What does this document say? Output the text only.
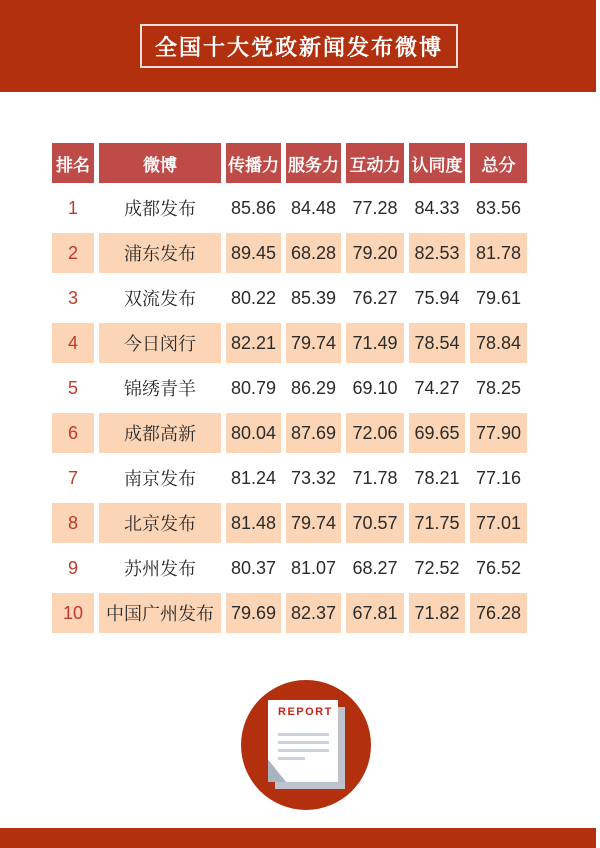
全国十大党政新闻发布微博
排名	微博	传播力	服务力	互动力	认同度	总分
1	成都发布	85.86	84.48	77.28	84.33	83.56
2	浦东发布	89.45	68.28	79.20	82.53	81.78
3	双流发布	80.22	85.39	76.27	75.94	79.61
4	今日闵行	82.21	79.74	71.49	78.54	78.84
5	锦绣青羊	80.79	86.29	69.10	74.27	78.25
6	成都高新	80.04	87.69	72.06	69.65	77.90
7	南京发布	81.24	73.32	71.78	78.21	77.16
8	北京发布	81.48	79.74	70.57	71.75	77.01
9	苏州发布	80.37	81.07	68.27	72.52	76.52
10	中国广州发布	79.69	82.37	67.81	71.82	76.28
REPORT
